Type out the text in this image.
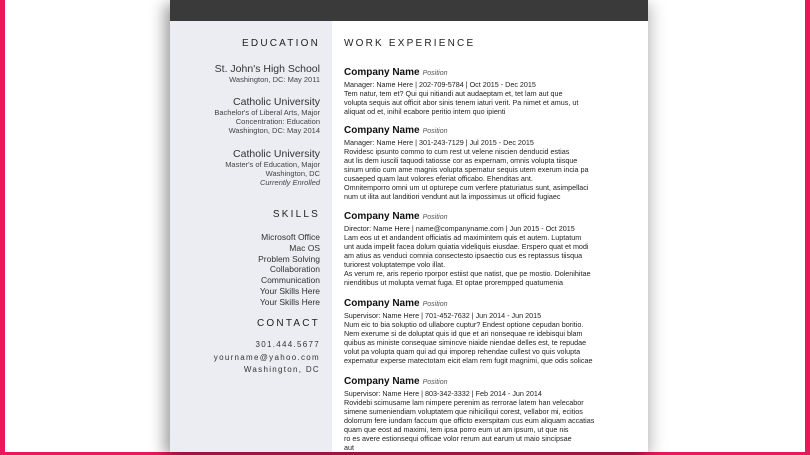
EDUCATION
St. John's High School
Washington, DC: May 2011
Catholic University
Bachelor's of Liberal Arts, Major
Concentration: Education
Washington, DC: May 2014
Catholic University
Master's of Education, Major
Washington, DC
Currently Enrolled
SKILLS
Microsoft Office
Mac OS
Problem Solving
Collaboration
Communication
Your Skills Here
Your Skills Here
CONTACT
301.444.5677
yourname@yahoo.com
Washington, DC
WORK EXPERIENCE
Company Name Position
Manager: Name Here | 202-709-5784 | Oct 2015 - Dec 2015
Tem natur, tem et? Qui qui nitiandi aut audaeptam et, tet lam aut que
volupta sequis aut officit abor sinis tenem iaturi verit. Pa nimet et amus, ut
aliquat od et, inihil ecabore peritio intem quo ipienti
Company Name Position
Manager: Name Here | 301-243-7129 | Jul 2015 - Dec 2015
Rovidesc ipsunto commo to cum rest ut velene niscien denducid estias
aut lis dem iuscili taquodi tatiosse cor as expernam, omnis volupta tiisque
sinum untio cum ame magnis volupta spernatur sequis utem exerum incia pa
cusaeped quam laut volores eferiat officabo. Ehenditas ant.
Omnitemporro omni um ut opturepe cum verfere ptaturiatus sunt, asimpellaci
num ut ilita aut landitiori vendunt aut la impossimus ut officid fugiaec
Company Name Position
Director: Name Here | name@companyname.com | Jun 2015 - Oct 2015
Lam eos ut et andandent officiatis ad maximintem quis et autem. Luptatum
unt auda impelit facea dolum quiatia videliquis eiusdae. Erspero quat et modi
am atius as venduci comnia consectesto ipsaectio cus es reptassus tiisqua
turiorest voluptatempe volo illat.
As verum re, aris reperio rporpor estiist que natist, que pe mostio. Dolenihitae
nienditibus ut molupta vernat fuga. Et optae prorempped quatumenia
Company Name Position
Supervisor: Name Here | 701-452-7632 | Jun 2014 - Jun 2015
Num eic to bia soluptio od ullabore cuptur? Endest optione cepudan boritio.
Nem exerume si de doluptat quis id que et ari nonsequae re idebisqui blam
quibus as ministe consequae simincve niaide niendae delles est, te repudae
volut pa volupta quam qui ad qui imporep rehendae cullest vo quis volupta
expernatur experse matectotam eicit elam rem fugit magnimi, que odis solicae
Company Name Position
Supervisor: Name Here | 803-342-3332 | Feb 2014 - Jun 2014
Rovidebi scimusame lam nimpere perenim as rerrorae latem han velecabor
simene sumeniendiam voluptatem que nihiciliqui corest, vellabor mi, ecitios
dolorrum fere iundam faccum que officto exerspitam cus eum aliquam accatias
quam que eost ad maximi, tem ipsa porro eum ut am ipsum, ut que nis
ro es avere estionsequi officae volor rerum aut earum ut maio sincipsae
aut
